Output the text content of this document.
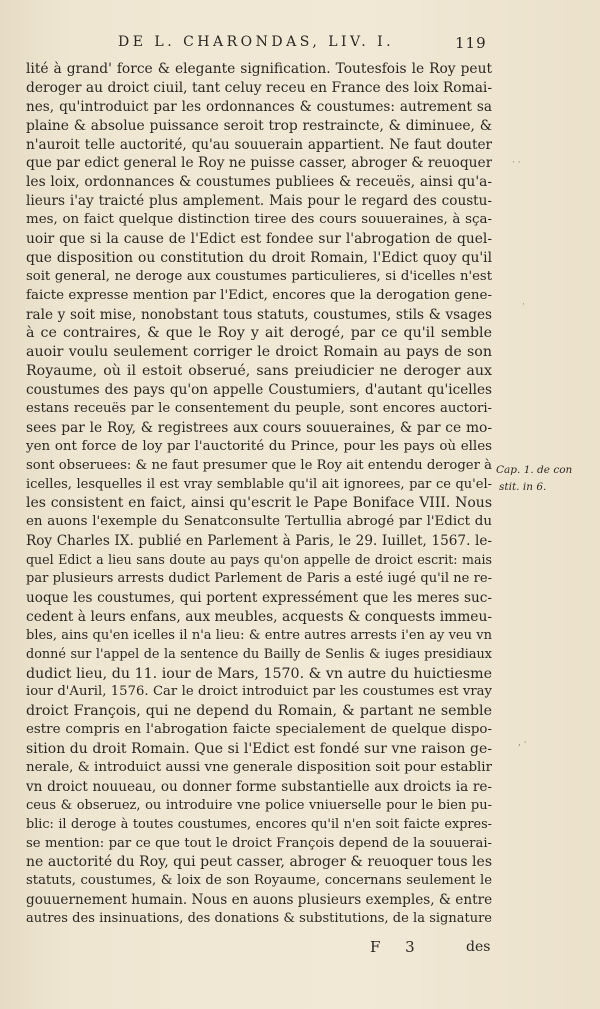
DE L. CHARONDAS, LIV. I.	119
lité à grand' force & elegante signification. Toutesfois le Roy peut
deroger au droict ciuil, tant celuy receu en France des loix Romai-
nes, qu'introduict par les ordonnances & coustumes: autrement sa
plaine & absolue puissance seroit trop restraincte, & diminuee, &
n'auroit telle auctorité, qu'au souuerain appartient. Ne faut douter
que par edict general le Roy ne puisse casser, abroger & reuoquer
les loix, ordonnances & coustumes publiees & receuës, ainsi qu'a-
lieurs i'ay traicté plus amplement. Mais pour le regard des coustu-
mes, on faict quelque distinction tiree des cours souueraines, à sça-
uoir que si la cause de l'Edict est fondee sur l'abrogation de quel-
que disposition ou constitution du droit Romain, l'Edict quoy qu'il
soit general, ne deroge aux coustumes particulieres, si d'icelles n'est
faicte expresse mention par l'Edict, encores que la derogation gene-
rale y soit mise, nonobstant tous statuts, coustumes, stils & vsages
à ce contraires, & que le Roy y ait derogé, par ce qu'il semble
auoir voulu seulement corriger le droict Romain au pays de son
Royaume, où il estoit obserué, sans preiudicier ne deroger aux
coustumes des pays qu'on appelle Coustumiers, d'autant qu'icelles
estans receuës par le consentement du peuple, sont encores auctori-
sees par le Roy, & registrees aux cours souueraines, & par ce mo-
yen ont force de loy par l'auctorité du Prince, pour les pays où elles
sont obseruees: & ne faut presumer que le Roy ait entendu deroger à
icelles, lesquelles il est vray semblable qu'il ait ignorees, par ce qu'el-
les consistent en faict, ainsi qu'escrit le Pape Boniface VIII. Nous
en auons l'exemple du Senatconsulte Tertullia abrogé par l'Edict du
Roy Charles IX. publié en Parlement à Paris, le 29. Iuillet, 1567. le-
quel Edict a lieu sans doute au pays qu'on appelle de droict escrit: mais
par plusieurs arrests dudict Parlement de Paris a esté iugé qu'il ne re-
uoque les coustumes, qui portent expressément que les meres suc-
cedent à leurs enfans, aux meubles, acquests & conquests immeu-
bles, ains qu'en icelles il n'a lieu: & entre autres arrests i'en ay veu vn
donné sur l'appel de la sentence du Bailly de Senlis & iuges presidiaux
dudict lieu, du 11. iour de Mars, 1570. & vn autre du huictiesme
iour d'Auril, 1576. Car le droict introduict par les coustumes est vray
droict François, qui ne depend du Romain, & partant ne semble
estre compris en l'abrogation faicte specialement de quelque dispo-
sition du droit Romain. Que si l'Edict est fondé sur vne raison ge-
nerale, & introduict aussi vne generale disposition soit pour establir
vn droict nouueau, ou donner forme substantielle aux droicts ia re-
ceus & obseruez, ou introduire vne police vniuerselle pour le bien pu-
blic: il deroge à toutes coustumes, encores qu'il n'en soit faicte expres-
se mention: par ce que tout le droict François depend de la souuerai-
ne auctorité du Roy, qui peut casser, abroger & reuoquer tous les
statuts, coustumes, & loix de son Royaume, concernans seulement le
gouuernement humain. Nous en auons plusieurs exemples, & entre
autres des insinuations, des donations & substitutions, de la signature
Cap. 1. de con
stit. in 6.
‧ ·
·
, ·
F 3	des
